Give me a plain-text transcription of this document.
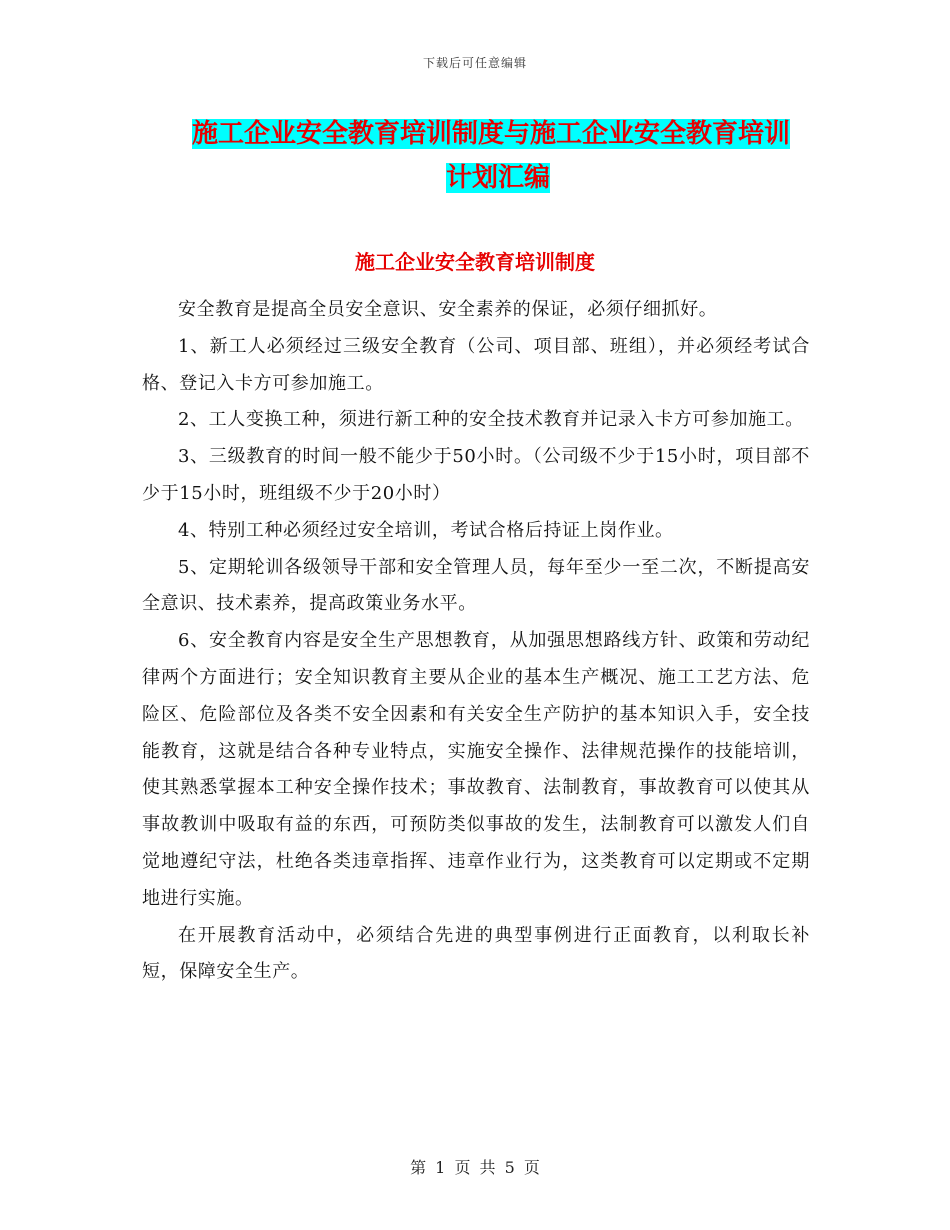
下载后可任意编辑
施工企业安全教育培训制度与施工企业安全教育培训
计划汇编
施工企业安全教育培训制度

安全教育是提高全员安全意识、安全素养的保证，必须仔细抓好。

1、新工人必须经过三级安全教育（公司、项目部、班组），并必须经考试合格、登记入卡方可参加施工。

2、工人变换工种，须进行新工种的安全技术教育并记录入卡方可参加施工。

3、三级教育的时间一般不能少于50小时。（公司级不少于15小时，项目部不少于15小时，班组级不少于20小时）

4、特别工种必须经过安全培训，考试合格后持证上岗作业。

5、定期轮训各级领导干部和安全管理人员，每年至少一至二次，不断提高安全意识、技术素养，提高政策业务水平。

6、安全教育内容是安全生产思想教育，从加强思想路线方针、政策和劳动纪律两个方面进行；安全知识教育主要从企业的基本生产概况、施工工艺方法、危险区、危险部位及各类不安全因素和有关安全生产防护的基本知识入手，安全技能教育，这就是结合各种专业特点，实施安全操作、法律规范操作的技能培训，使其熟悉掌握本工种安全操作技术；事故教育、法制教育，事故教育可以使其从事故教训中吸取有益的东西，可预防类似事故的发生，法制教育可以激发人们自觉地遵纪守法，杜绝各类违章指挥、违章作业行为，这类教育可以定期或不定期地进行实施。

在开展教育活动中，必须结合先进的典型事例进行正面教育，以利取长补短，保障安全生产。

第 1 页 共 5 页
